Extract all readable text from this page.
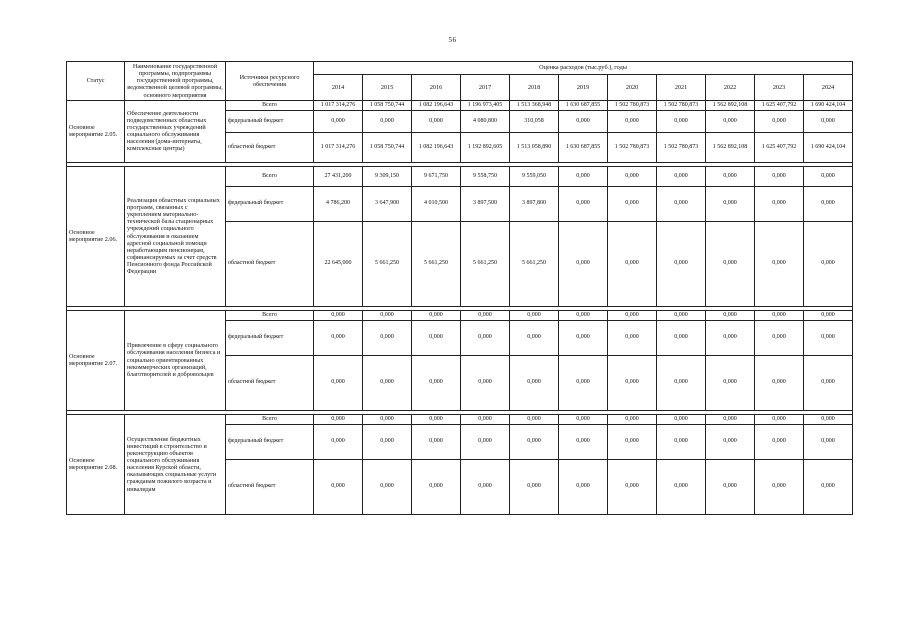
56
Статус	Наименование государственной программы, подпрограммы государственной программы, ведомственной целевой программы, основного мероприятия	Источники ресурсного обеспечения	Оценка расходов (тыс.руб.), годы										
			2014	2015	2016	2017	2018	2019	2020	2021	2022	2023	2024
Основное мероприятие 2.05.	Обеспечение деятельности подведомственных областных государственных учреждений социального обслуживания населения (дома-интернаты, комплексные центры)	Всего	1 017 314,276	1 058 750,744	1 082 196,643	1 196 973,405	1 513 368,948	1 630 687,855	1 502 780,873	1 502 780,873	1 562 892,108	1 625 407,792	1 690 424,104
		федеральный бюджет	0,000	0,000	0,000	4 080,800	310,058	0,000	0,000	0,000	0,000	0,000	0,000
		областной бюджет	1 017 314,276	1 058 750,744	1 082 196,643	1 192 892,605	1 513 058,890	1 630 687,855	1 502 780,873	1 502 780,873	1 562 892,108	1 625 407,792	1 690 424,104

Основное мероприятие 2.06.	Реализация областных социальных программ, связанных с укреплением материально-технической базы стационарных учреждений социального обслуживания и оказанием адресной социальной помощи неработающим пенсионерам, софинансируемых за счет средств Пенсионного фонда Российской Федерации	Всего	27 431,200	9 309,150	9 671,750	9 558,750	9 559,050	0,000	0,000	0,000	0,000	0,000	0,000
		федеральный бюджет	4 786,200	3 647,900	4 010,500	3 897,500	3 897,800	0,000	0,000	0,000	0,000	0,000	0,000
		областной бюджет	22 645,000	5 661,250	5 661,250	5 661,250	5 661,250	0,000	0,000	0,000	0,000	0,000	0,000

Основное мероприятие 2.07.	Привлечение в сферу социального обслуживания населения бизнеса и социально ориентированных некоммерческих организаций, благотворителей и добровольцев	Всего	0,000	0,000	0,000	0,000	0,000	0,000	0,000	0,000	0,000	0,000	0,000
		федеральный бюджет	0,000	0,000	0,000	0,000	0,000	0,000	0,000	0,000	0,000	0,000	0,000
		областной бюджет	0,000	0,000	0,000	0,000	0,000	0,000	0,000	0,000	0,000	0,000	0,000

Основное мероприятие 2.08.	Осуществление бюджетных инвестиций в строительство и реконструкцию объектов социального обслуживания населения Курской области, оказывающих социальные услуги гражданам пожилого возраста и инвалидам	Всего	0,000	0,000	0,000	0,000	0,000	0,000	0,000	0,000	0,000	0,000	0,000
		федеральный бюджет	0,000	0,000	0,000	0,000	0,000	0,000	0,000	0,000	0,000	0,000	0,000
		областной бюджет	0,000	0,000	0,000	0,000	0,000	0,000	0,000	0,000	0,000	0,000	0,000
